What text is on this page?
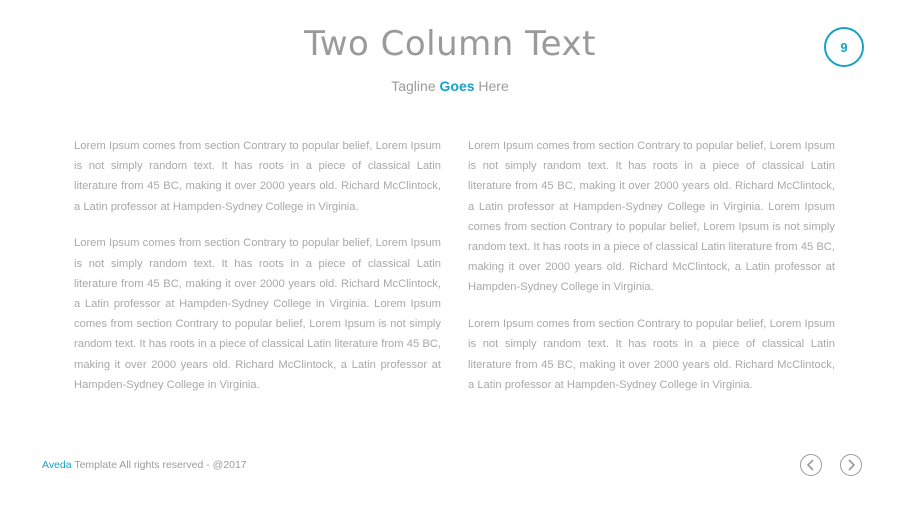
Two Column Text
Tagline Goes Here
9

Lorem Ipsum comes from section Contrary to popular belief, Lorem Ipsum is not simply random text. It has roots in a piece of classical Latin literature from 45 BC, making it over 2000 years old. Richard McClintock, a Latin professor at Hampden-Sydney College in Virginia.

Lorem Ipsum comes from section Contrary to popular belief, Lorem Ipsum is not simply random text. It has roots in a piece of classical Latin literature from 45 BC, making it over 2000 years old. Richard McClintock, a Latin professor at Hampden-Sydney College in Virginia. Lorem Ipsum comes from section Contrary to popular belief, Lorem Ipsum is not simply random text. It has roots in a piece of classical Latin literature from 45 BC, making it over 2000 years old. Richard McClintock, a Latin professor at Hampden-Sydney College in Virginia.

Lorem Ipsum comes from section Contrary to popular belief, Lorem Ipsum is not simply random text. It has roots in a piece of classical Latin literature from 45 BC, making it over 2000 years old. Richard McClintock, a Latin professor at Hampden-Sydney College in Virginia. Lorem Ipsum comes from section Contrary to popular belief, Lorem Ipsum is not simply random text. It has roots in a piece of classical Latin literature from 45 BC, making it over 2000 years old. Richard McClintock, a Latin professor at Hampden-Sydney College in Virginia.

Lorem Ipsum comes from section Contrary to popular belief, Lorem Ipsum is not simply random text. It has roots in a piece of classical Latin literature from 45 BC, making it over 2000 years old. Richard McClintock, a Latin professor at Hampden-Sydney College in Virginia.

Aveda Template All rights reserved - @2017
